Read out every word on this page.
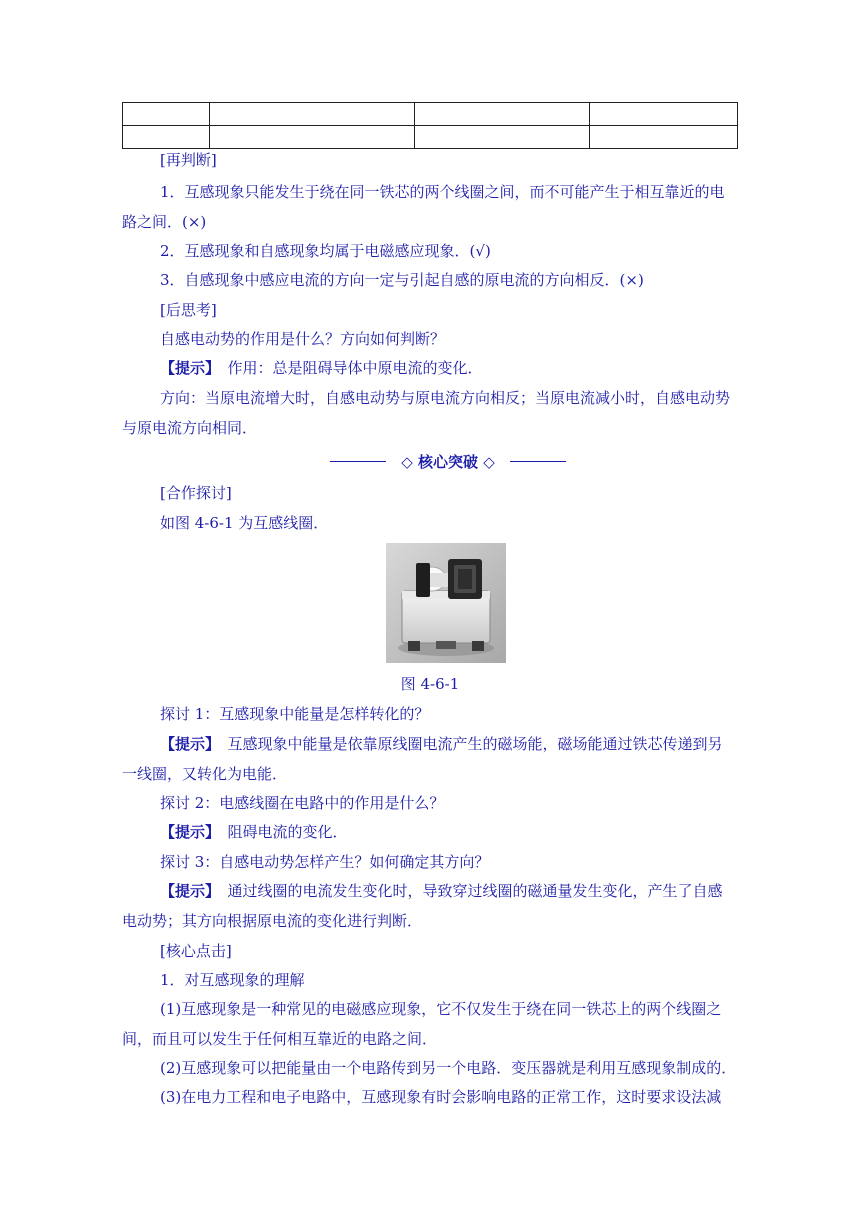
[再判断]
1．互感现象只能发生于绕在同一铁芯的两个线圈之间，而不可能产生于相互靠近的电
路之间．(×)
2．互感现象和自感现象均属于电磁感应现象．(√)
3．自感现象中感应电流的方向一定与引起自感的原电流的方向相反．(×)
[后思考]
自感电动势的作用是什么？方向如何判断？
【提示】　 作用：总是阻碍导体中原电流的变化．
方向：当原电流增大时，自感电动势与原电流方向相反；当原电流减小时，自感电动势
与原电流方向相同．
◇ 核心突破 ◇
[合作探讨]
如图 4-6-1 为互感线圈．
图 4-6-1
探讨 1：互感现象中能量是怎样转化的？
【提示】　 互感现象中能量是依靠原线圈电流产生的磁场能，磁场能通过铁芯传递到另
一线圈，又转化为电能．
探讨 2：电感线圈在电路中的作用是什么？
【提示】　 阻碍电流的变化．
探讨 3：自感电动势怎样产生？如何确定其方向？
【提示】　 通过线圈的电流发生变化时，导致穿过线圈的磁通量发生变化，产生了自感
电动势；其方向根据原电流的变化进行判断．
[核心点击]
1．对互感现象的理解
(1)互感现象是一种常见的电磁感应现象，它不仅发生于绕在同一铁芯上的两个线圈之
间，而且可以发生于任何相互靠近的电路之间．
(2)互感现象可以把能量由一个电路传到另一个电路．变压器就是利用互感现象制成的．
(3)在电力工程和电子电路中，互感现象有时会影响电路的正常工作，这时要求设法减
